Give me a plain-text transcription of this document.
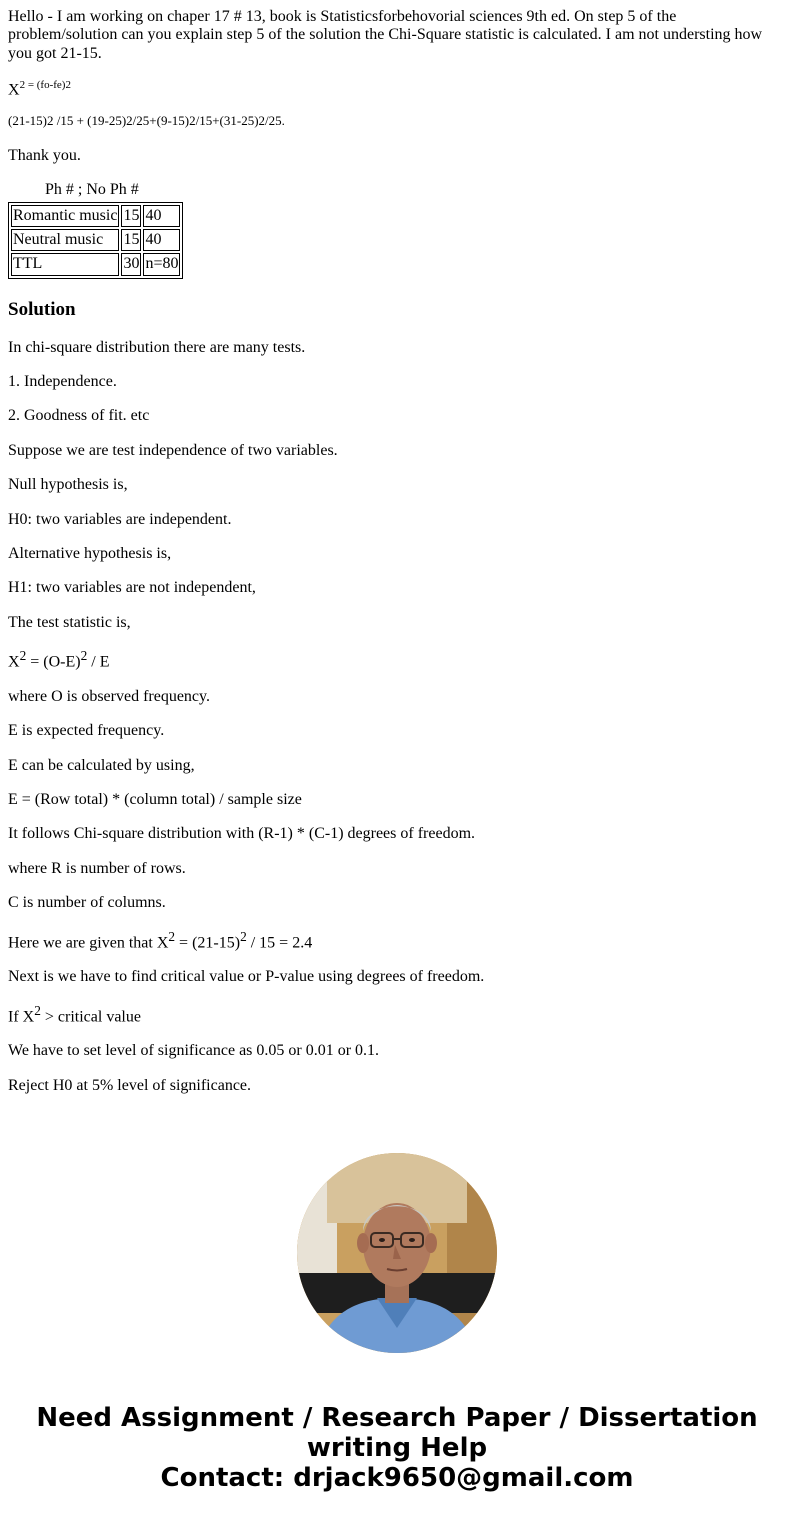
Hello - I am working on chaper 17 # 13, book is Statisticsforbehovorial sciences 9th ed. On step 5 of the problem/solution can you explain step 5 of the solution the Chi-Square statistic is calculated. I am not understing how you got 21-15.

$X^{2 = (fo-fe)2}$

(21-15)2 /15 + (19-25)2/25+(9-15)2/15+(31-25)2/25.

Thank you.

Ph # ; No Ph #
Romantic music	15	40
Neutral music	15	40
TTL	30	n=80
Solution

In chi-square distribution there are many tests.

1. Independence.

2. Goodness of fit. etc

Suppose we are test independence of two variables.

Null hypothesis is,

H0: two variables are independent.

Alternative hypothesis is,

H1: two variables are not independent,

The test statistic is,

$X^2 = (O-E)^2 / E$

where O is observed frequency.

E is expected frequency.

E can be calculated by using,

E = (Row total) * (column total) / sample size

It follows Chi-square distribution with (R-1) * (C-1) degrees of freedom.

where R is number of rows.

C is number of columns.

Here we are given that $X^2 = (21-15)^2 / 15 = 2.4$

Next is we have to find critical value or P-value using degrees of freedom.

If $X^2$ > critical value

We have to set level of significance as 0.05 or 0.01 or 0.1.

Reject H0 at 5% level of significance.

Need Assignment / Research Paper / Dissertation
writing Help
Contact: drjack9650@gmail.com
